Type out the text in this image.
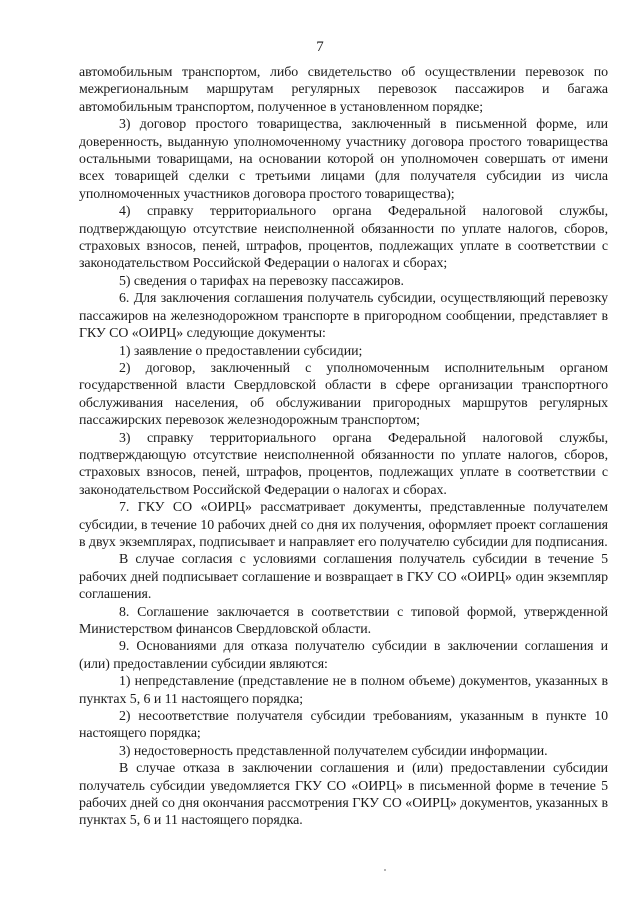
7

автомобильным транспортом, либо свидетельство об осуществлении перевозок по межрегиональным маршрутам регулярных перевозок пассажиров и багажа автомобильным транспортом, полученное в установленном порядке;

3) договор простого товарищества, заключенный в письменной форме, или доверенность, выданную уполномоченному участнику договора простого товарищества остальными товарищами, на основании которой он уполномочен совершать от имени всех товарищей сделки с третьими лицами (для получателя субсидии из числа уполномоченных участников договора простого товарищества);

4) справку территориального органа Федеральной налоговой службы, подтверждающую отсутствие неисполненной обязанности по уплате налогов, сборов, страховых взносов, пеней, штрафов, процентов, подлежащих уплате в соответствии с законодательством Российской Федерации о налогах и сборах;

5) сведения о тарифах на перевозку пассажиров.

6. Для заключения соглашения получатель субсидии, осуществляющий перевозку пассажиров на железнодорожном транспорте в пригородном сообщении, представляет в ГКУ СО «ОИРЦ» следующие документы:

1) заявление о предоставлении субсидии;

2) договор, заключенный с уполномоченным исполнительным органом государственной власти Свердловской области в сфере организации транспортного обслуживания населения, об обслуживании пригородных маршрутов регулярных пассажирских перевозок железнодорожным транспортом;

3) справку территориального органа Федеральной налоговой службы, подтверждающую отсутствие неисполненной обязанности по уплате налогов, сборов, страховых взносов, пеней, штрафов, процентов, подлежащих уплате в соответствии с законодательством Российской Федерации о налогах и сборах.

7. ГКУ СО «ОИРЦ» рассматривает документы, представленные получателем субсидии, в течение 10 рабочих дней со дня их получения, оформляет проект соглашения в двух экземплярах, подписывает и направляет его получателю субсидии для подписания.

В случае согласия с условиями соглашения получатель субсидии в течение 5 рабочих дней подписывает соглашение и возвращает в ГКУ СО «ОИРЦ» один экземпляр соглашения.

8. Соглашение заключается в соответствии с типовой формой, утвержденной Министерством финансов Свердловской области.

9. Основаниями для отказа получателю субсидии в заключении соглашения и (или) предоставлении субсидии являются:

1) непредставление (представление не в полном объеме) документов, указанных в пунктах 5, 6 и 11 настоящего порядка;

2) несоответствие получателя субсидии требованиям, указанным в пункте 10 настоящего порядка;

3) недостоверность представленной получателем субсидии информации.

В случае отказа в заключении соглашения и (или) предоставлении субсидии получатель субсидии уведомляется ГКУ СО «ОИРЦ» в письменной форме в течение 5 рабочих дней со дня окончания рассмотрения ГКУ СО «ОИРЦ» документов, указанных в пунктах 5, 6 и 11 настоящего порядка.
